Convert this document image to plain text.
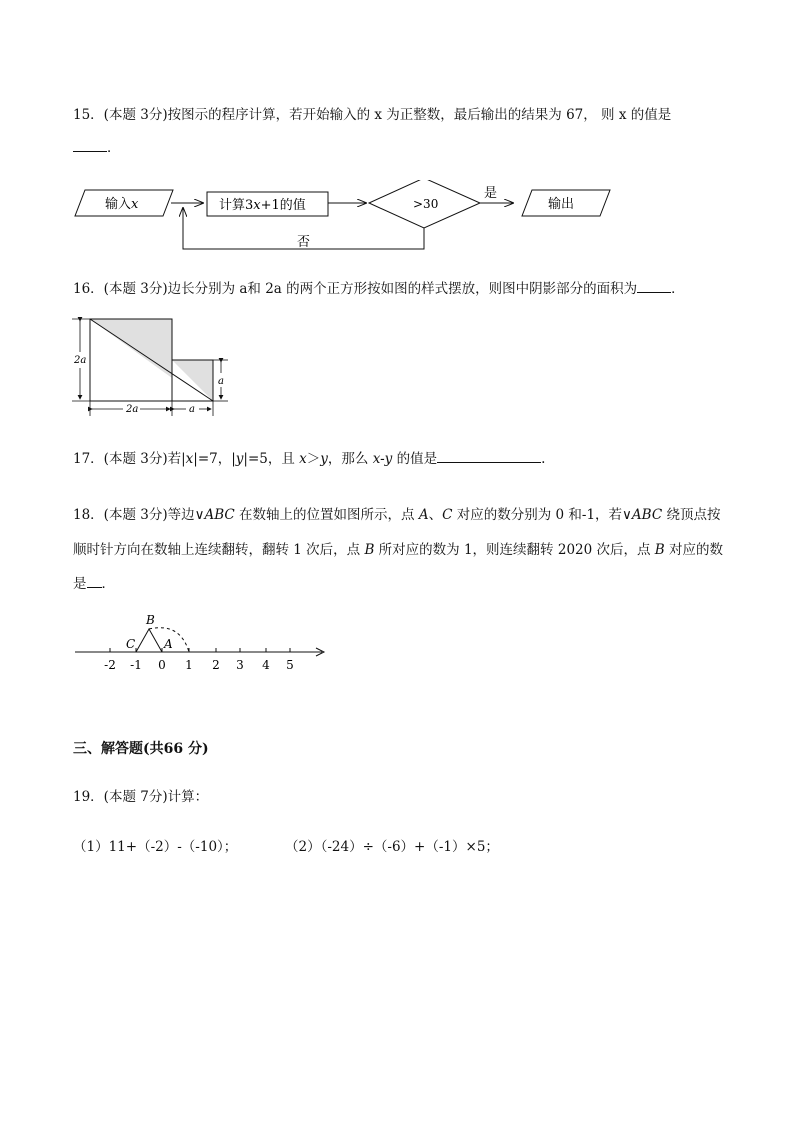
15．(本题 3分)按图示的程序计算，若开始输入的 x 为正整数，最后输出的结果为 67， 则 x 的值是
．
输入x	计算3x+1的值	>30
是
输出
否
16．(本题 3分)边长分别为 a和 2a 的两个正方形按如图的样式摆放，则图中阴影部分的面积为	．
2a
a
2a	a
17．(本题 3分)若|x|=7，|y|=5，且 x＞y，那么 x-y 的值是	.
18．(本题 3分)等边∨ABC 在数轴上的位置如图所示，点 A、C 对应的数分别为 0 和-1，若∨ABC 绕顶点按
顺时针方向在数轴上连续翻转，翻转 1 次后，点 B 所对应的数为 1，则连续翻转 2020 次后，点 B 对应的数
是 ．
-2 -1 0 1 2 3 4 5
B
C A
三、解答题(共66 分)
19．(本题 7分)计算：
（1）11+（-2）-（-10）；	（2）（-24）÷（-6）+（-1）×5；
